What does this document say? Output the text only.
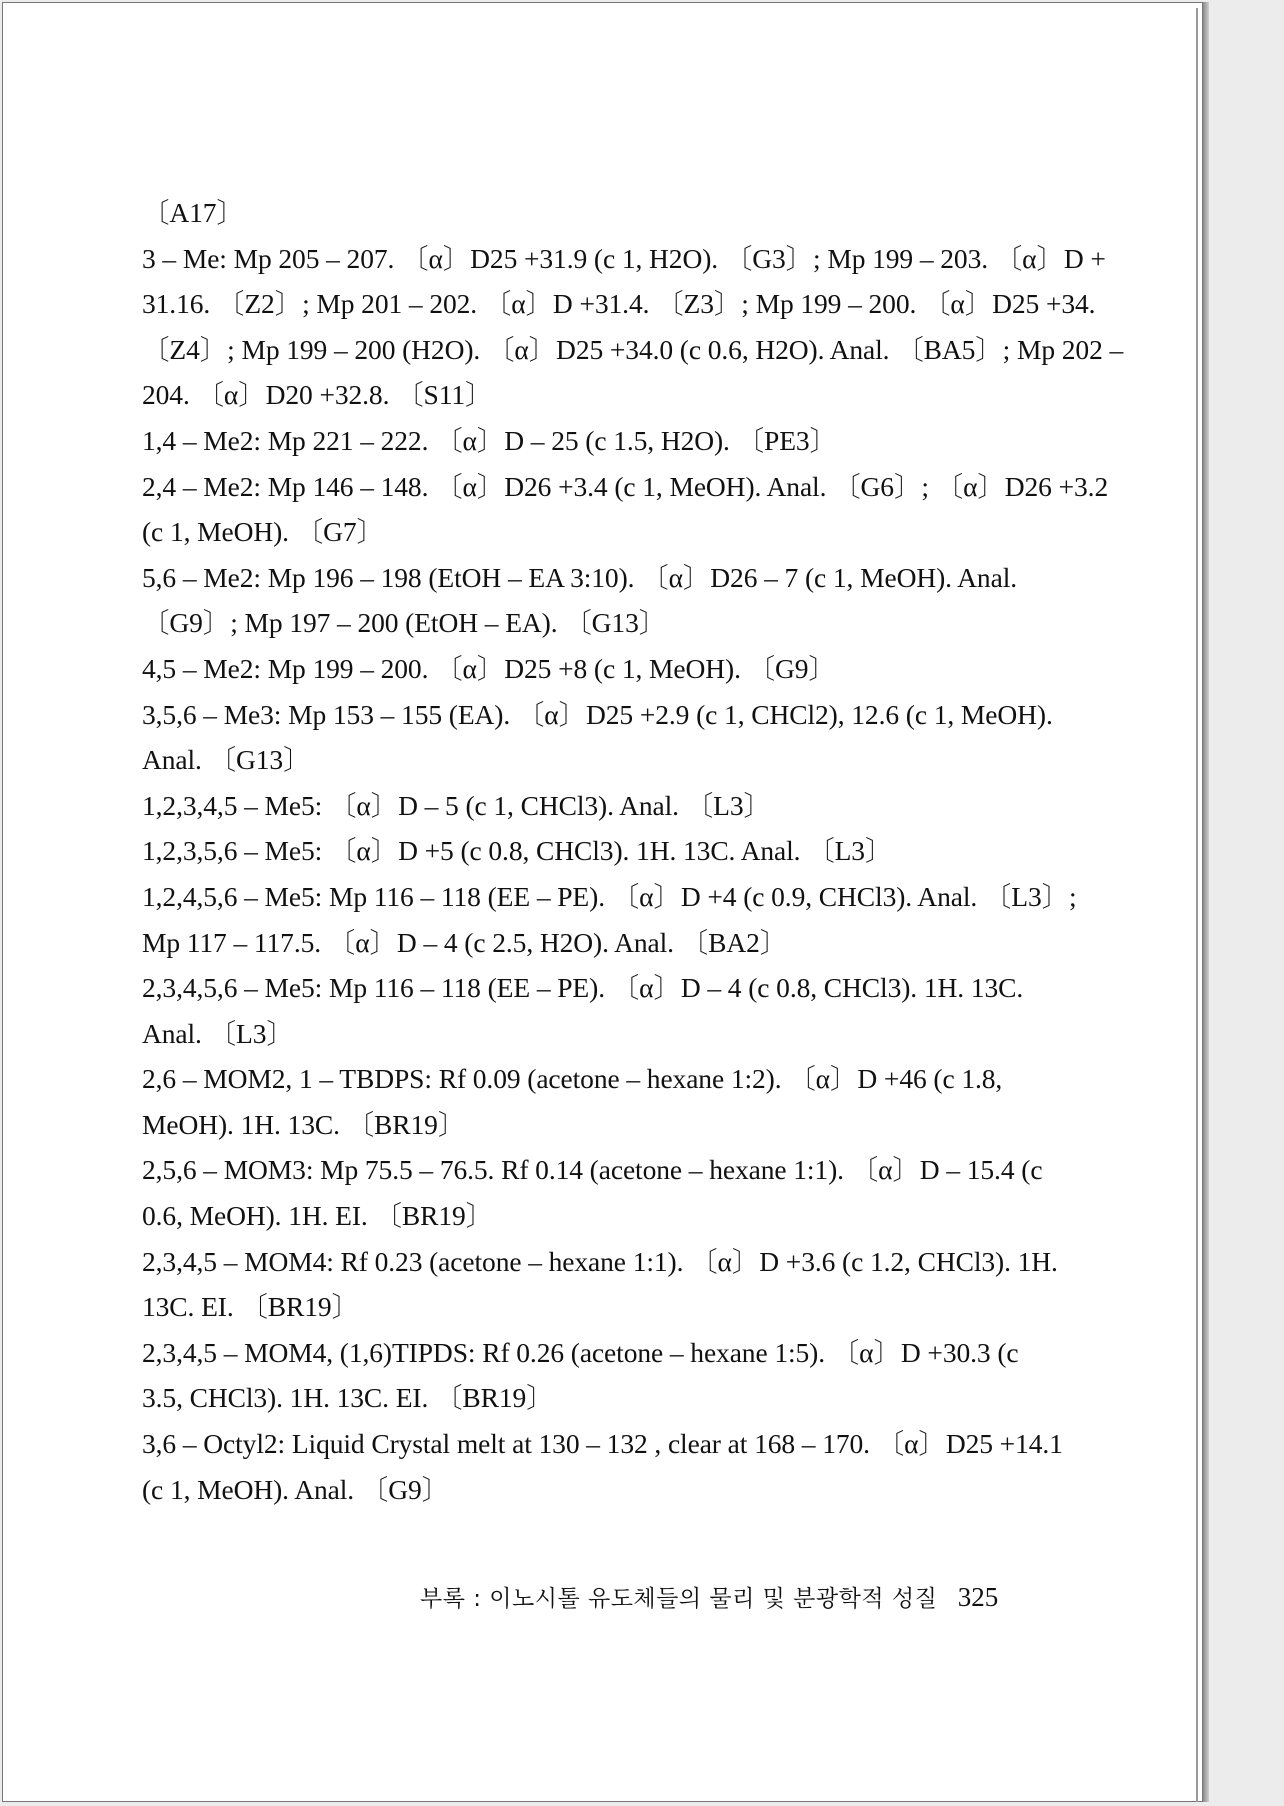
〔A17〕
3 – Me: Mp 205 – 207. 〔α〕D25 +31.9 (c 1, H2O). 〔G3〕; Mp 199 – 203. 〔α〕D +
31.16. 〔Z2〕; Mp 201 – 202. 〔α〕D +31.4. 〔Z3〕; Mp 199 – 200. 〔α〕D25 +34.
〔Z4〕; Mp 199 – 200 (H2O). 〔α〕D25 +34.0 (c 0.6, H2O). Anal. 〔BA5〕; Mp 202 –
204. 〔α〕D20 +32.8. 〔S11〕
1,4 – Me2: Mp 221 – 222. 〔α〕D – 25 (c 1.5, H2O). 〔PE3〕
2,4 – Me2: Mp 146 – 148. 〔α〕D26 +3.4 (c 1, MeOH). Anal. 〔G6〕; 〔α〕D26 +3.2
(c 1, MeOH). 〔G7〕
5,6 – Me2: Mp 196 – 198 (EtOH – EA 3:10). 〔α〕D26 – 7 (c 1, MeOH). Anal.
〔G9〕; Mp 197 – 200 (EtOH – EA). 〔G13〕
4,5 – Me2: Mp 199 – 200. 〔α〕D25 +8 (c 1, MeOH). 〔G9〕
3,5,6 – Me3: Mp 153 – 155 (EA). 〔α〕D25 +2.9 (c 1, CHCl2), 12.6 (c 1, MeOH).
Anal. 〔G13〕
1,2,3,4,5 – Me5: 〔α〕D – 5 (c 1, CHCl3). Anal. 〔L3〕
1,2,3,5,6 – Me5: 〔α〕D +5 (c 0.8, CHCl3). 1H. 13C. Anal. 〔L3〕
1,2,4,5,6 – Me5: Mp 116 – 118 (EE – PE). 〔α〕D +4 (c 0.9, CHCl3). Anal. 〔L3〕;
Mp 117 – 117.5. 〔α〕D – 4 (c 2.5, H2O). Anal. 〔BA2〕
2,3,4,5,6 – Me5: Mp 116 – 118 (EE – PE). 〔α〕D – 4 (c 0.8, CHCl3). 1H. 13C.
Anal. 〔L3〕
2,6 – MOM2, 1 – TBDPS: Rf 0.09 (acetone – hexane 1:2). 〔α〕D +46 (c 1.8,
MeOH). 1H. 13C. 〔BR19〕
2,5,6 – MOM3: Mp 75.5 – 76.5. Rf 0.14 (acetone – hexane 1:1). 〔α〕D – 15.4 (c
0.6, MeOH). 1H. EI. 〔BR19〕
2,3,4,5 – MOM4: Rf 0.23 (acetone – hexane 1:1). 〔α〕D +3.6 (c 1.2, CHCl3). 1H.
13C. EI. 〔BR19〕
2,3,4,5 – MOM4, (1,6)TIPDS: Rf 0.26 (acetone – hexane 1:5). 〔α〕D +30.3 (c
3.5, CHCl3). 1H. 13C. EI. 〔BR19〕
3,6 – Octyl2: Liquid Crystal melt at 130 – 132 , clear at 168 – 170. 〔α〕D25 +14.1
(c 1, MeOH). Anal. 〔G9〕
부록 : 이노시톨 유도체들의 물리 및 분광학적 성질 325
